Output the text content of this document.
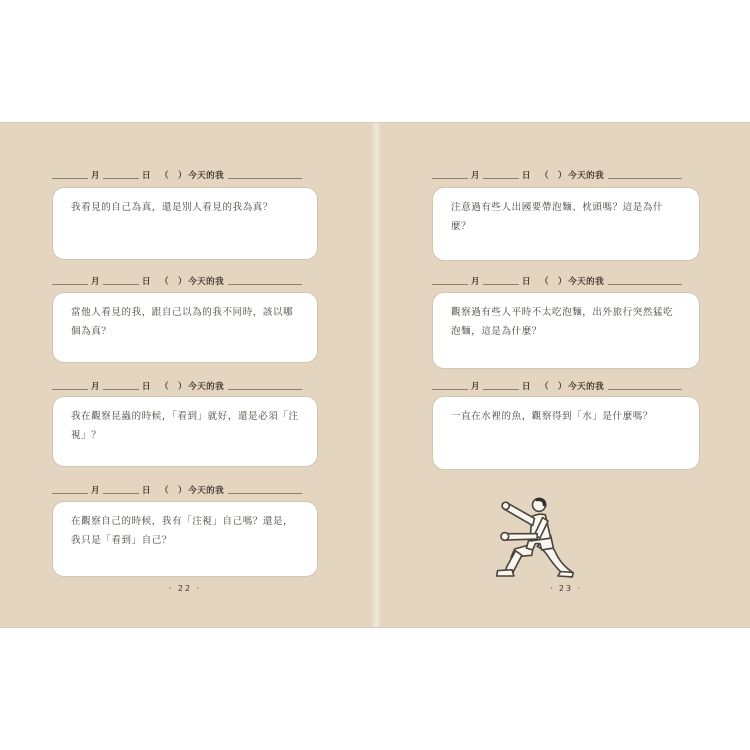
月	日 （ ） 今天的我

我看見的自己為真，還是別人看見的我為真？

月	日 （ ） 今天的我

當他人看見的我，跟自己以為的我不同時，該以哪個為真？

月	日 （ ） 今天的我

我在觀察昆蟲的時候，「看到」就好，還是必須「注視」？

月	日 （ ） 今天的我

在觀察自己的時候，我有「注視」自己嗎？還是，我只是「看到」自己？

· 22 ·
月	日 （ ） 今天的我

注意過有些人出國要帶泡麵、枕頭嗎？這是為什麼？

月	日 （ ） 今天的我

觀察過有些人平時不太吃泡麵，出外旅行突然猛吃泡麵，這是為什麼？

月	日 （ ） 今天的我

一直在水裡的魚，觀察得到「水」是什麼嗎？

· 23 ·
